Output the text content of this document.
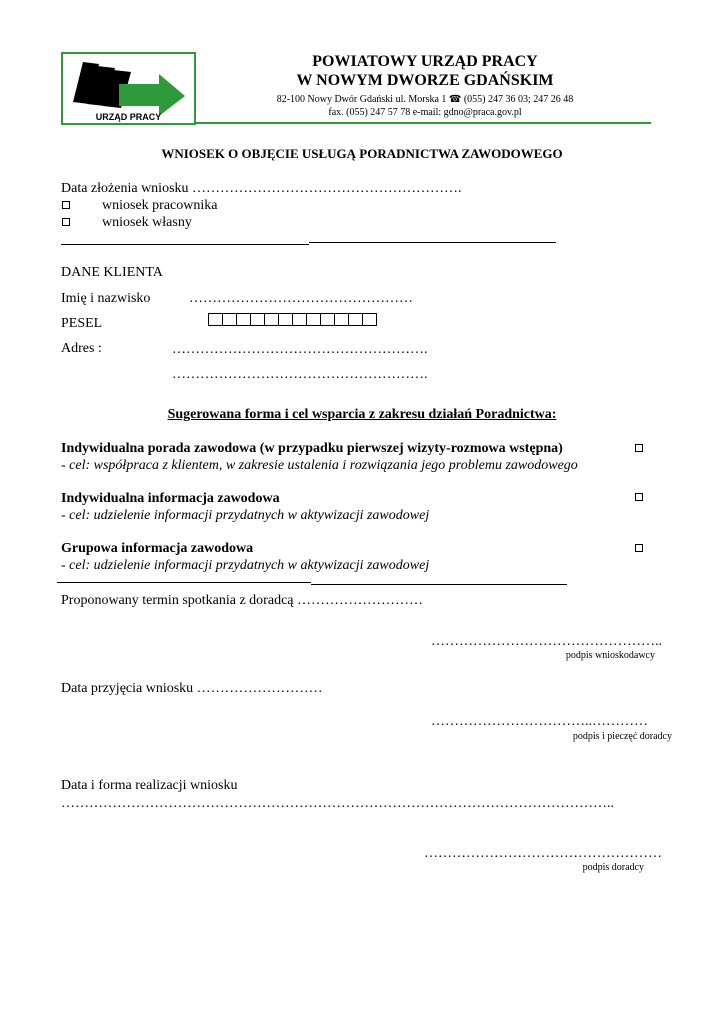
URZĄD PRACY
POWIATOWY URZĄD PRACY
W NOWYM DWORZE GDAŃSKIM
82-100 Nowy Dwór Gdański ul. Morska 1 ☎ (055) 247 36 03; 247 26 48
fax. (055) 247 57 78 e-mail: gdno@praca.gov.pl
WNIOSEK O OBJĘCIE USŁUGĄ PORADNICTWA ZAWODOWEGO
Data złożenia wniosku ………………………………………………….
wniosek pracownika
wniosek własny
DANE KLIENTA
Imię i nazwisko	…………………………………………
PESEL
Adres :	……………………………………………….
……………………………………………….
Sugerowana forma i cel wsparcia z zakresu działań Poradnictwa:
Indywidualna porada zawodowa (w przypadku pierwszej wizyty-rozmowa wstępna)
- cel: współpraca z klientem, w zakresie ustalenia i rozwiązania jego problemu zawodowego
Indywidualna informacja zawodowa
- cel: udzielenie informacji przydatnych w aktywizacji zawodowej
Grupowa informacja zawodowa
- cel: udzielenie informacji przydatnych w aktywizacji zawodowej
Proponowany termin spotkania z doradcą ………………………
…………………………………………..
podpis wnioskodawcy
Data przyjęcia wniosku ………………………
……………………………..…………
podpis i pieczęć doradcy
Data i forma realizacji wniosku
………………………………………………………………………………………………………..
……………………………………………
podpis doradcy
